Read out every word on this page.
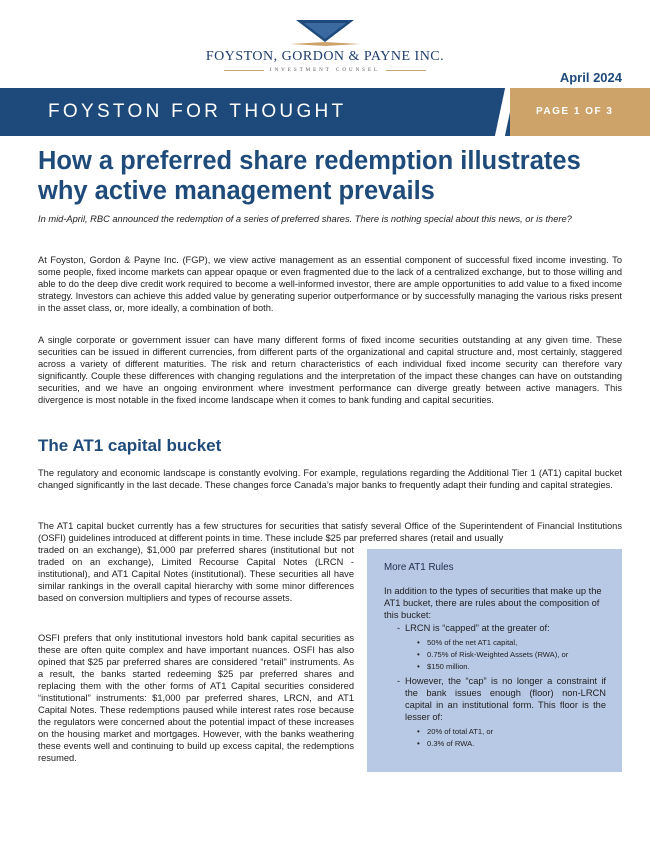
FOYSTON, GORDON & PAYNE INC.
INVESTMENT COUNSEL	April 2024
FOYSTON FOR THOUGHT	PAGE 1 OF 3
How a preferred share redemption illustrates why active management prevails

In mid-April, RBC announced the redemption of a series of preferred shares. There is nothing special about this news, or is there?

At Foyston, Gordon & Payne Inc. (FGP), we view active management as an essential component of successful fixed income investing. To some people, fixed income markets can appear opaque or even fragmented due to the lack of a centralized exchange, but to those willing and able to do the deep dive credit work required to become a well-informed investor, there are ample opportunities to add value to a fixed income strategy. Investors can achieve this added value by generating superior outperformance or by successfully managing the various risks present in the asset class, or, more ideally, a combination of both.

A single corporate or government issuer can have many different forms of fixed income securities outstanding at any given time. These securities can be issued in different currencies, from different parts of the organizational and capital structure and, most certainly, staggered across a variety of different maturities. The risk and return characteristics of each individual fixed income security can therefore vary significantly. Couple these differences with changing regulations and the interpretation of the impact these changes can have on outstanding securities, and we have an ongoing environment where investment performance can diverge greatly between active managers. This divergence is most notable in the fixed income landscape when it comes to bank funding and capital securities.

The AT1 capital bucket

The regulatory and economic landscape is constantly evolving. For example, regulations regarding the Additional Tier 1 (AT1) capital bucket changed significantly in the last decade. These changes force Canada’s major banks to frequently adapt their funding and capital strategies.

The AT1 capital bucket currently has a few structures for securities that satisfy several Office of the Superintendent of Financial Institutions (OSFI) guidelines introduced at different points in time. These include $25 par preferred shares (retail and usually

traded on an exchange), $1,000 par preferred shares (institutional but not traded on an exchange), Limited Recourse Capital Notes (LRCN - institutional), and AT1 Capital Notes (institutional). These securities all have similar rankings in the overall capital hierarchy with some minor differences based on conversion multipliers and types of recourse assets.

OSFI prefers that only institutional investors hold bank capital securities as these are often quite complex and have important nuances. OSFI has also opined that $25 par preferred shares are considered “retail” instruments. As a result, the banks started redeeming $25 par preferred shares and replacing them with the other forms of AT1 Capital securities considered “institutional” instruments: $1,000 par preferred shares, LRCN, and AT1 Capital Notes. These redemptions paused while interest rates rose because the regulators were concerned about the potential impact of these increases on the housing market and mortgages. However, with the banks weathering these events well and continuing to build up excess capital, the redemptions resumed.

More AT1 Rules

In addition to the types of securities that make up the AT1 bucket, there are rules about the composition of this bucket:

- LRCN is “capped” at the greater of:
• 50% of the net AT1 capital,
• 0.75% of Risk-Weighted Assets (RWA), or
• $150 million.
- However, the “cap” is no longer a constraint if the bank issues enough (floor) non-LRCN capital in an institutional form. This floor is the lesser of:
• 20% of total AT1, or
• 0.3% of RWA.
